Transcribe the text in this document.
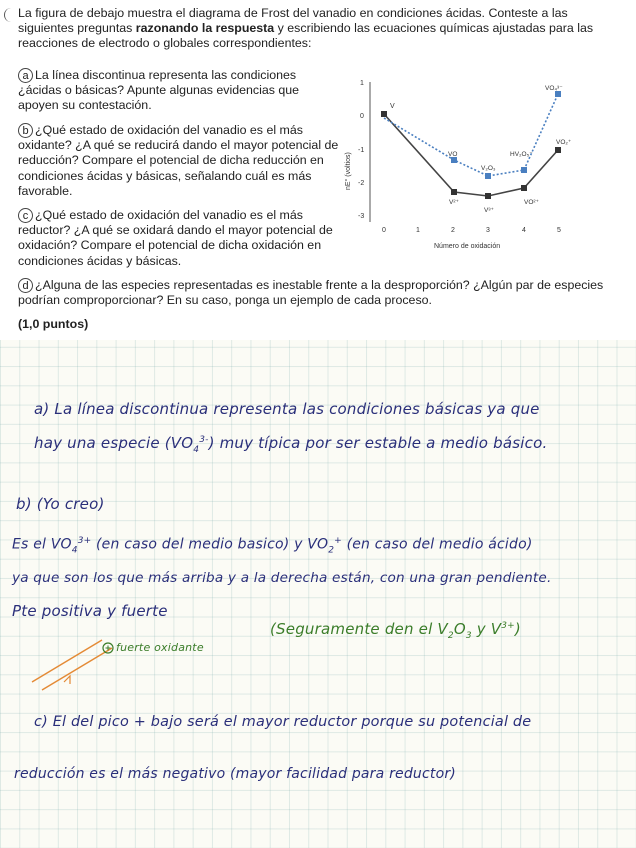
La figura de debajo muestra el diagrama de Frost del vanadio en condiciones ácidas. Conteste a las siguientes preguntas razonando la respuesta y escribiendo las ecuaciones químicas ajustadas para las reacciones de electrodo o globales correspondientes:

a La línea discontinua representa las condiciones ¿ácidas o básicas? Apunte algunas evidencias que apoyen su contestación.
b ¿Qué estado de oxidación del vanadio es el más oxidante? ¿A qué se reducirá dando el mayor potencial de reducción? Compare el potencial de dicha reducción en condiciones ácidas y básicas, señalando cuál es más favorable.
c ¿Qué estado de oxidación del vanadio es el más reductor? ¿A qué se oxidará dando el mayor potencial de oxidación? Compare el potencial de dicha oxidación en condiciones ácidas y básicas.
d ¿Alguna de las especies representadas es inestable frente a la desproporción? ¿Algún par de especies podrían comproporcionar? En su caso, ponga un ejemplo de cada proceso.
(1,0 puntos)
1
0
-1
-2
-3
nE° (voltios)
0	1	2	3	4	5
Número de oxidación
V
VO
V₂O₃
HV₂O₅⁻
VO₂⁺
VO₄³⁻
V²⁺
V³⁺
VO²⁺
a) La línea discontinua representa las condiciones básicas ya que
hay una especie $(VO_4^{3-})$ muy típica por ser estable a medio básico.
b) (Yo creo)
Es el $VO_4^{3+}$ (en caso del medio basico) y $VO_2^+$ (en caso del medio ácido)
ya que son los que más arriba y a la derecha están, con una gran pendiente.
Pte positiva y fuerte
(Seguramente den el $V_2O_3$ y $V^{3+}$)
fuerte oxidante
c) El del pico + bajo será el mayor reductor porque su potencial de
reducción es el más negativo (mayor facilidad para reductor)
